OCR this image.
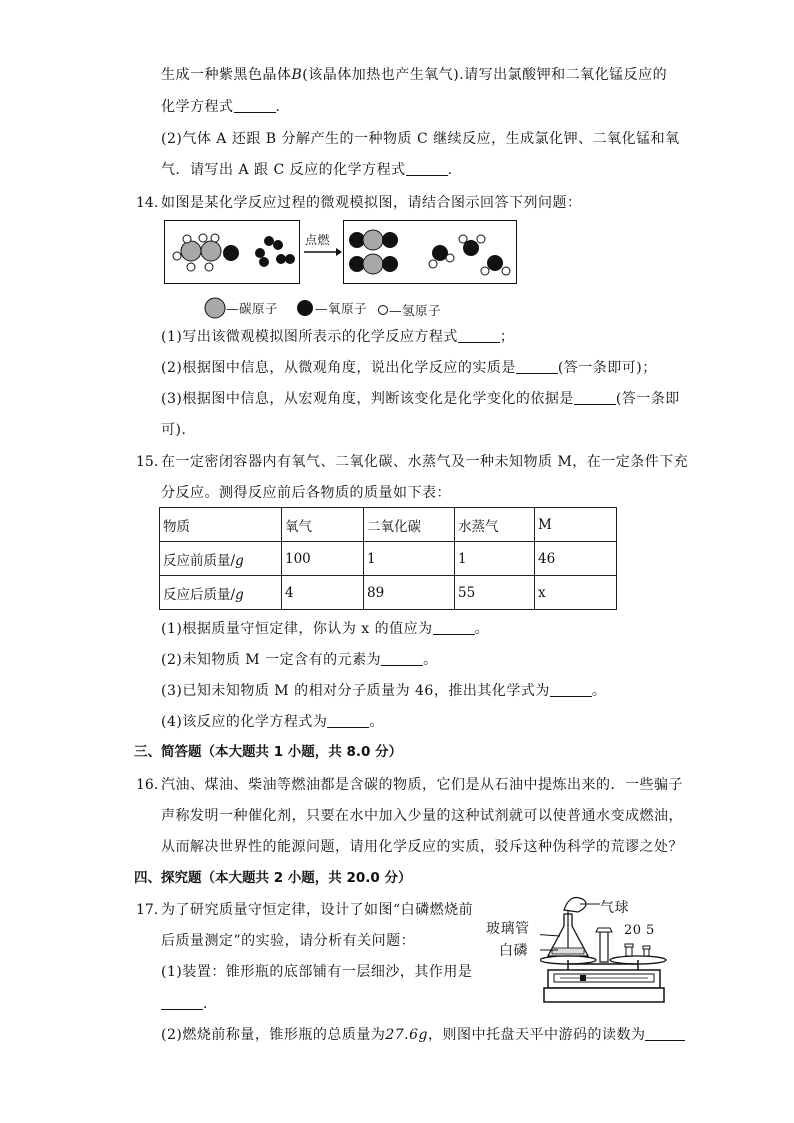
生成一种紫黑色晶体B(该晶体加热也产生氧气).请写出氯酸钾和二氧化锰反应的
化学方程式	.
(2)气体 A 还跟 B 分解产生的一种物质 C 继续反应，生成氯化钾、二氧化锰和氧
气．请写出 A 跟 C 反应的化学方程式	.
14. 如图是某化学反应过程的微观模拟图，请结合图示回答下列问题：
点燃
—碳原子	—氧原子 —氢原子
(1)写出该微观模拟图所表示的化学反应方程式	；
(2)根据图中信息，从微观角度，说出化学反应的实质是	(答一条即可)；
(3)根据图中信息，从宏观角度，判断该变化是化学变化的依据是	(答一条即
可)．
15. 在一定密闭容器内有氧气、二氧化碳、水蒸气及一种未知物质 M，在一定条件下充
分反应。测得反应前后各物质的质量如下表：
物质	氧气	二氧化碳	水蒸气	M
反应前质量/g	100	1	1	46
反应后质量/g	4	89	55	x
(1)根据质量守恒定律，你认为 x 的值应为	。
(2)未知物质 M 一定含有的元素为	。
(3)已知未知物质 M 的相对分子质量为 46，推出其化学式为	。
(4)该反应的化学方程式为	。
三、简答题（本大题共 1 小题，共 8.0 分）
16. 汽油、煤油、柴油等燃油都是含碳的物质，它们是从石油中提炼出来的．一些骗子
声称发明一种催化剂，只要在水中加入少量的这种试剂就可以使普通水变成燃油，
从而解决世界性的能源问题，请用化学反应的实质，驳斥这种伪科学的荒谬之处？
四、探究题（本大题共 2 小题，共 20.0 分）
17. 为了研究质量守恒定律，设计了如图“白磷燃烧前
后质量测定”的实验，请分析有关问题：
(1)装置：锥形瓶的底部铺有一层细沙，其作用是
.
(2)燃烧前称量，锥形瓶的总质量为27.6g，则图中托盘天平中游码的读数为
气球
玻璃管
白磷
20 5
